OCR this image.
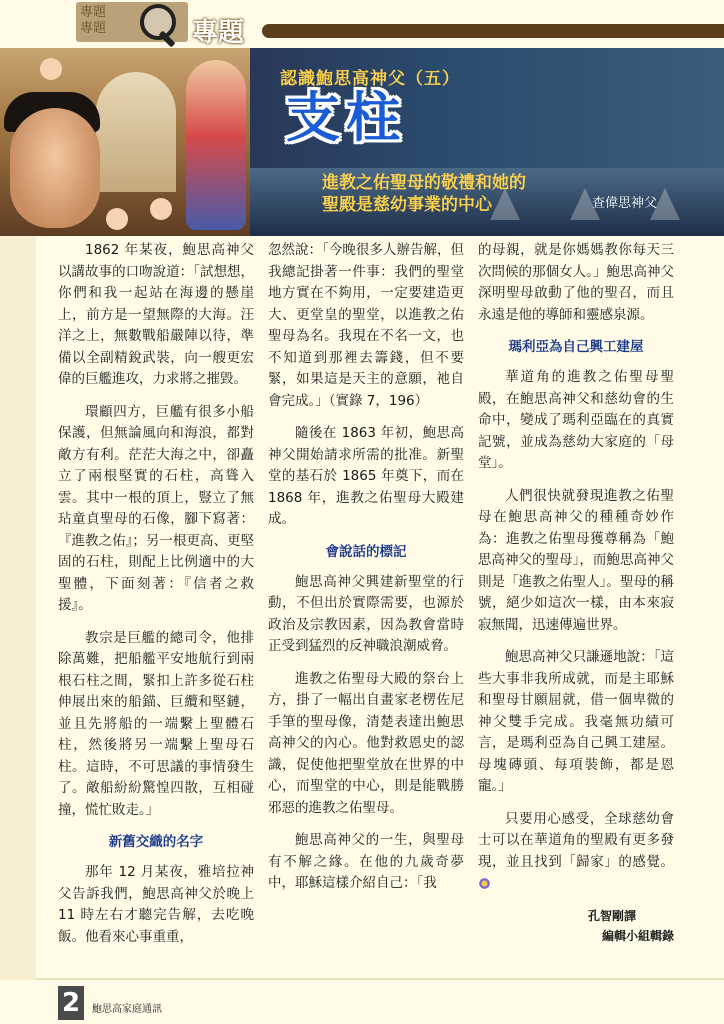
專題
專題	專題
認識鮑思高神父（五）
支柱
進教之佑聖母的敬禮和她的
聖殿是慈幼事業的中心	查偉思神父

1862 年某夜，鮑思高神父以講故事的口吻說道：「試想想，你們和我一起站在海邊的懸崖上，前方是一望無際的大海。汪洋之上，無數戰船嚴陣以待，準備以全副精銳武裝，向一艘更宏偉的巨艦進攻，力求將之摧毀。

環顧四方，巨艦有很多小船保護，但無論風向和海浪，都對敵方有利。茫茫大海之中，卻矗立了兩根堅實的石柱，高聳入雲。其中一根的頂上，豎立了無玷童貞聖母的石像，腳下寫著：『進教之佑』；另一根更高、更堅固的石柱，則配上比例適中的大聖體，下面刻著：『信者之救援』。

教宗是巨艦的總司令，他排除萬難，把船艦平安地航行到兩根石柱之間，緊扣上許多從石柱伸展出來的船錨、巨纜和堅鏈，並且先將船的一端繫上聖體石柱，然後將另一端繫上聖母石柱。這時，不可思議的事情發生了。敵船紛紛驚惶四散，互相碰撞，慌忙敗走。」

新舊交織的名字

那年 12 月某夜，雅培拉神父告訴我們，鮑思高神父於晚上 11 時左右才聽完告解，去吃晚飯。他看來心事重重，

忽然說：「今晚很多人辦告解，但我總記掛著一件事：我們的聖堂地方實在不夠用，一定要建造更大、更堂皇的聖堂，以進教之佑聖母為名。我現在不名一文，也不知道到那裡去籌錢，但不要緊，如果這是天主的意願，祂自會完成。」（實錄 7，196）

隨後在 1863 年初，鮑思高神父開始請求所需的批准。新聖堂的基石於 1865 年奠下，而在 1868 年，進教之佑聖母大殿建成。

會說話的標記

鮑思高神父興建新聖堂的行動，不但出於實際需要，也源於政治及宗教因素，因為教會當時正受到猛烈的反神職浪潮威脅。

進教之佑聖母大殿的祭台上方，掛了一幅出自畫家老楞佐尼手筆的聖母像，清楚表達出鮑思高神父的內心。他對救恩史的認識，促使他把聖堂放在世界的中心，而聖堂的中心，則是能戰勝邪惡的進教之佑聖母。

鮑思高神父的一生，與聖母有不解之緣。在他的九歲奇夢中，耶穌這樣介紹自己：「我

的母親，就是你媽媽教你每天三次問候的那個女人。」鮑思高神父深明聖母啟動了他的聖召，而且永遠是他的導師和靈感泉源。

瑪利亞為自己興工建屋

華道角的進教之佑聖母聖殿，在鮑思高神父和慈幼會的生命中，變成了瑪利亞臨在的真實記號，並成為慈幼大家庭的「母堂」。

人們很快就發現進教之佑聖母在鮑思高神父的種種奇妙作為：進教之佑聖母獲尊稱為「鮑思高神父的聖母」，而鮑思高神父則是「進教之佑聖人」。聖母的稱號，絕少如這次一樣，由本來寂寂無聞，迅速傳遍世界。

鮑思高神父只謙遜地說：「這些大事非我所成就，而是主耶穌和聖母甘願屈就，借一個卑微的神父雙手完成。我毫無功績可言，是瑪利亞為自己興工建屋。母塊磚頭、每項裝飾，都是恩寵。」

只要用心感受，全球慈幼會士可以在華道角的聖殿有更多發現，並且找到「歸家」的感覺。

孔智剛譯
編輯小組輯錄
2	鮑思高家庭通訊
